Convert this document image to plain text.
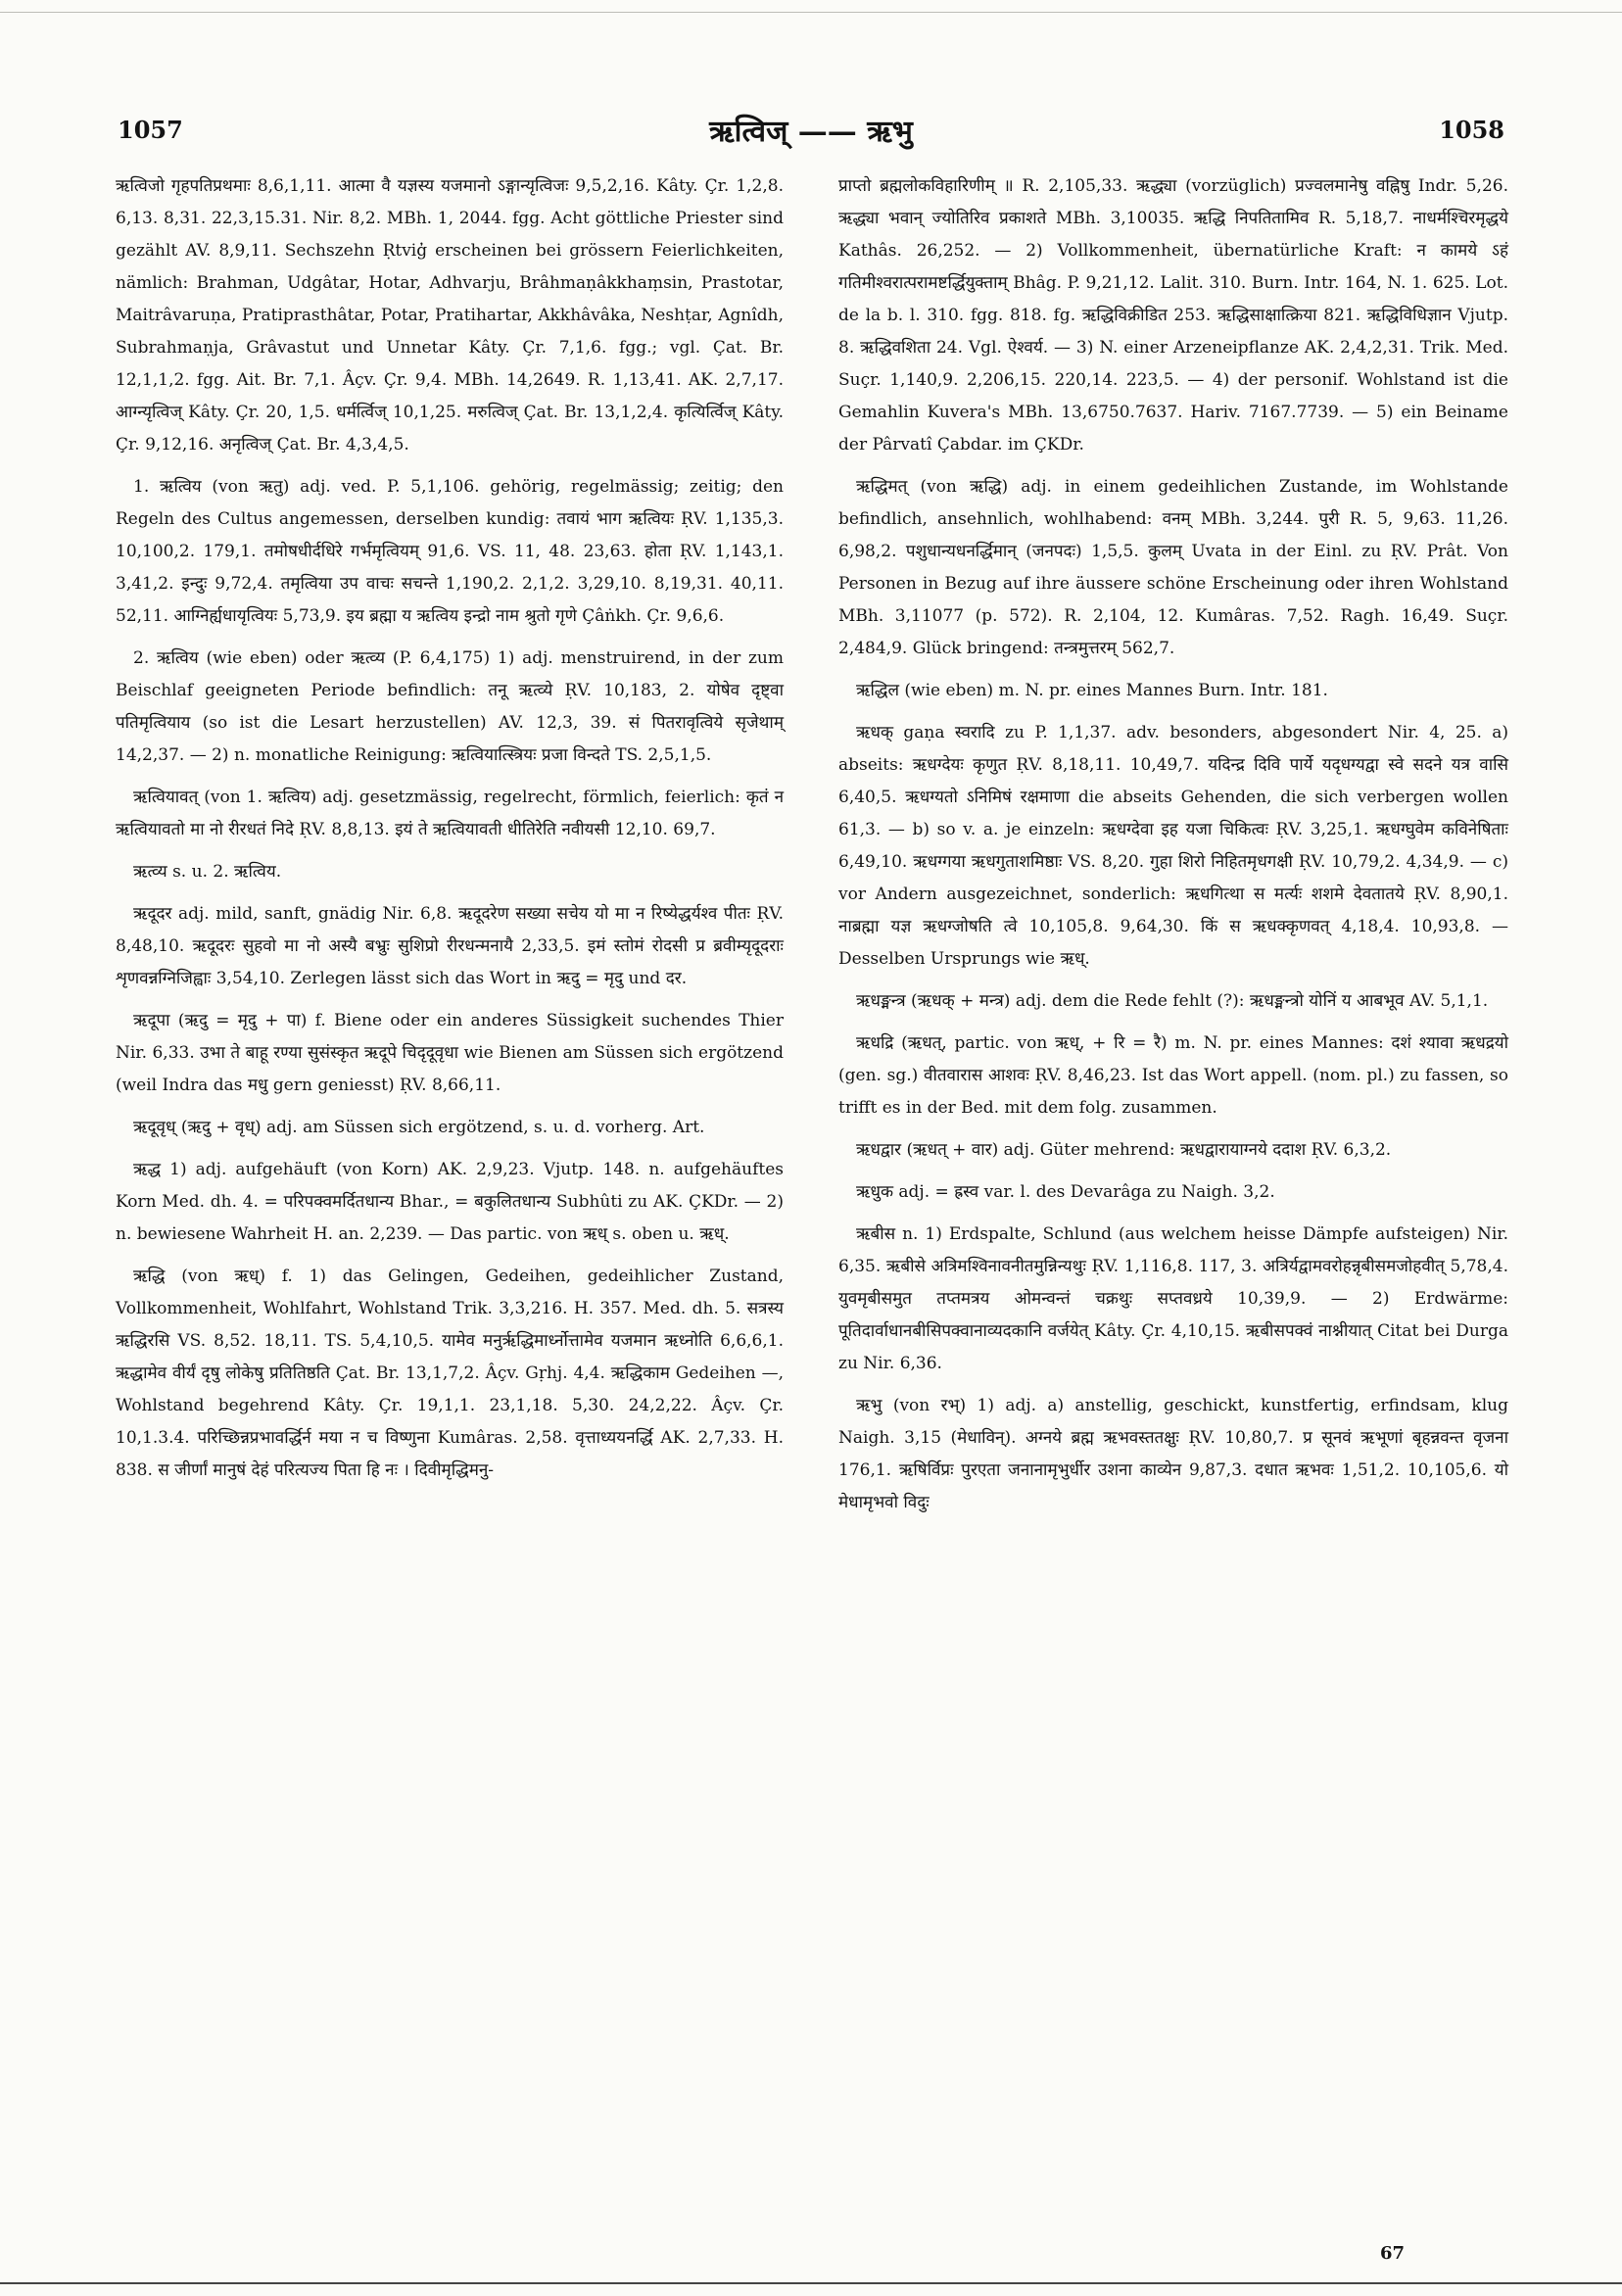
1057	ऋत्विज् —— ऋभु	1058

ऋत्विजो गृहपतिप्रथमाः 8,6,1,11. आत्मा वै यज्ञस्य यजमानो ऽङ्गान्यृत्विजः 9,5,2,16. Kâty. Çr. 1,2,8. 6,13. 8,31. 22,3,15.31. Nir. 8,2. MBh. 1, 2044. fgg. Acht göttliche Priester sind gezählt AV. 8,9,11. Sechszehn Ṛtvig̓ erscheinen bei grössern Feierlichkeiten, nämlich: Brahman, Udgâtar, Hotar, Adhvarju, Brâhmaṇâkkhaṃsin, Prastotar, Maitrâvaruṇa, Pratiprasthâtar, Potar, Pratihartar, Akkhâvâka, Neshṭar, Agnîdh, Subrahmaṇja, Grâvastut und Unnetar Kâty. Çr. 7,1,6. fgg.; vgl. Çat. Br. 12,1,1,2. fgg. Ait. Br. 7,1. Âçv. Çr. 9,4. MBh. 14,2649. R. 1,13,41. AK. 2,7,17. आग्न्यृत्विज् Kâty. Çr. 20, 1,5. धर्मर्त्विज् 10,1,25. मरुत्विज् Çat. Br. 13,1,2,4. कृत्यिर्त्विज् Kâty. Çr. 9,12,16. अनृत्विज् Çat. Br. 4,3,4,5.

1. ऋत्विय (von ऋतु) adj. ved. P. 5,1,106. gehörig, regelmässig; zeitig; den Regeln des Cultus angemessen, derselben kundig: तवायं भाग ऋत्वियः ṚV. 1,135,3. 10,100,2. 179,1. तमोषधीर्दधिरे गर्भमृत्वियम् 91,6. VS. 11, 48. 23,63. होता ṚV. 1,143,1. 3,41,2. इन्दुः 9,72,4. तमृत्विया उप वाचः सचन्ते 1,190,2. 2,1,2. 3,29,10. 8,19,31. 40,11. 52,11. आग्निर्ह्यधायृत्वियः 5,73,9. इय ब्रह्मा य ऋत्विय इन्द्रो नाम श्रुतो गृणे Çâṅkh. Çr. 9,6,6.

2. ऋत्विय (wie eben) oder ऋत्व्य (P. 6,4,175) 1) adj. menstruirend, in der zum Beischlaf geeigneten Periode befindlich: तनू ऋत्व्ये ṚV. 10,183, 2. योषेव दृष्ट्वा पतिमृत्वियाय (so ist die Lesart herzustellen) AV. 12,3, 39. सं पितरावृत्विये सृजेथाम् 14,2,37. — 2) n. monatliche Reinigung: ऋत्वियात्स्त्रियः प्रजा विन्दते TS. 2,5,1,5.

ऋत्वियावत् (von 1. ऋत्विय) adj. gesetzmässig, regelrecht, förmlich, feierlich: कृतं न ऋत्वियावतो मा नो रीरधतं निदे ṚV. 8,8,13. इयं ते ऋत्वियावती धीतिरेति नवीयसी 12,10. 69,7.

ऋत्व्य s. u. 2. ऋत्विय.

ऋदूदर adj. mild, sanft, gnädig Nir. 6,8. ऋदूदरेण सख्या सचेय यो मा न रिष्येद्धर्यश्व पीतः ṚV. 8,48,10. ऋदूदरः सुहवो मा नो अस्यै बभ्रुः सुशिप्रो रीरधन्मनायै 2,33,5. इमं स्तोमं रोदसी प्र ब्रवीम्यृदूदराः शृणवन्नग्निजिह्वाः 3,54,10. Zerlegen lässt sich das Wort in ऋदु = मृदु und दर.

ऋदूपा (ऋदु = मृदु + पा) f. Biene oder ein anderes Süssigkeit suchendes Thier Nir. 6,33. उभा ते बाहू रण्या सुसंस्कृत ऋदूपे चिदृदूवृधा wie Bienen am Süssen sich ergötzend (weil Indra das मधु gern geniesst) ṚV. 8,66,11.

ऋदूवृध् (ऋदु + वृध्) adj. am Süssen sich ergötzend, s. u. d. vorherg. Art.

ऋद्ध 1) adj. aufgehäuft (von Korn) AK. 2,9,23. Vjutp. 148. n. aufgehäuftes Korn Med. dh. 4. = परिपक्वमर्दितधान्य Bhar., = बकुलितधान्य Subhûti zu AK. ÇKDr. — 2) n. bewiesene Wahrheit H. an. 2,239. — Das partic. von ऋध् s. oben u. ऋध्.

ऋद्धि (von ऋध्) f. 1) das Gelingen, Gedeihen, gedeihlicher Zustand, Vollkommenheit, Wohlfahrt, Wohlstand Trik. 3,3,216. H. 357. Med. dh. 5. सत्रस्य ऋद्धिरसि VS. 8,52. 18,11. TS. 5,4,10,5. यामेव मनुर्ऋद्धिमार्ध्नोत्तामेव यजमान ऋध्नोति 6,6,6,1. ऋद्धामेव वीर्यं दृषु लोकेषु प्रतितिष्ठति Çat. Br. 13,1,7,2. Âçv. Gṛhj. 4,4. ऋद्धिकाम Gedeihen —, Wohlstand begehrend Kâty. Çr. 19,1,1. 23,1,18. 5,30. 24,2,22. Âçv. Çr. 10,1.3.4. परिच्छिन्नप्रभावर्द्धिर्न मया न च विष्णुना Kumâras. 2,58. वृत्ताध्ययनर्द्धि AK. 2,7,33. H. 838. स जीर्णां मानुषं देहं परित्यज्य पिता हि नः । दिवीमृद्धिमनु-

प्राप्तो ब्रह्मलोकविहारिणीम् ॥ R. 2,105,33. ऋद्ध्या (vorzüglich) प्रज्वलमानेषु वह्निषु Indr. 5,26. ऋद्ध्या भवान् ज्योतिरिव प्रकाशते MBh. 3,10035. ऋद्धि निपतितामिव R. 5,18,7. नाधर्मश्चिरमृद्धये Kathâs. 26,252. — 2) Vollkommenheit, übernatürliche Kraft: न कामये ऽहं गतिमीश्वरात्परामष्टर्द्धियुक्ताम् Bhâg. P. 9,21,12. Lalit. 310. Burn. Intr. 164, N. 1. 625. Lot. de la b. l. 310. fgg. 818. fg. ऋद्धिविक्रीडित 253. ऋद्धिसाक्षात्क्रिया 821. ऋद्धिविधिज्ञान Vjutp. 8. ऋद्धिवशिता 24. Vgl. ऐश्वर्य. — 3) N. einer Arzeneipflanze AK. 2,4,2,31. Trik. Med. Suçr. 1,140,9. 2,206,15. 220,14. 223,5. — 4) der personif. Wohlstand ist die Gemahlin Kuvera's MBh. 13,6750.7637. Hariv. 7167.7739. — 5) ein Beiname der Pârvatî Çabdar. im ÇKDr.

ऋद्धिमत् (von ऋद्धि) adj. in einem gedeihlichen Zustande, im Wohlstande befindlich, ansehnlich, wohlhabend: वनम् MBh. 3,244. पुरी R. 5, 9,63. 11,26. 6,98,2. पशुधान्यधनर्द्धिमान् (जनपदः) 1,5,5. कुलम् Uvata in der Einl. zu ṚV. Prât. Von Personen in Bezug auf ihre äussere schöne Erscheinung oder ihren Wohlstand MBh. 3,11077 (p. 572). R. 2,104, 12. Kumâras. 7,52. Ragh. 16,49. Suçr. 2,484,9. Glück bringend: तन्त्रमुत्तरम् 562,7.

ऋद्धिल (wie eben) m. N. pr. eines Mannes Burn. Intr. 181.

ऋधक् gaṇa स्वरादि zu P. 1,1,37. adv. besonders, abgesondert Nir. 4, 25. a) abseits: ऋधग्देयः कृणुत ṚV. 8,18,11. 10,49,7. यदिन्द्र दिवि पार्ये यदृधग्यद्वा स्वे सदने यत्र वासि 6,40,5. ऋधग्यतो ऽनिमिषं रक्षमाणा die abseits Gehenden, die sich verbergen wollen 61,3. — b) so v. a. je einzeln: ऋधग्देवा इह यजा चिकित्वः ṚV. 3,25,1. ऋधग्घुवेम कविनेषिताः 6,49,10. ऋधग्गया ऋधगुताशमिष्ठाः VS. 8,20. गुहा शिरो निहितमृधगक्षी ṚV. 10,79,2. 4,34,9. — c) vor Andern ausgezeichnet, sonderlich: ऋधगित्था स मर्त्यः शशमे देवतातये ṚV. 8,90,1. नाब्रह्मा यज्ञ ऋधग्जोषति त्वे 10,105,8. 9,64,30. किं स ऋधक्कृणवत् 4,18,4. 10,93,8. — Desselben Ursprungs wie ऋध्.

ऋधङ्मन्त्र (ऋधक् + मन्त्र) adj. dem die Rede fehlt (?): ऋधङ्मन्त्रो योनिं य आबभूव AV. 5,1,1.

ऋधद्रि (ऋधत्, partic. von ऋध्, + रि = रै) m. N. pr. eines Mannes: दशं श्यावा ऋधद्रयो (gen. sg.) वीतवारास आशवः ṚV. 8,46,23. Ist das Wort appell. (nom. pl.) zu fassen, so trifft es in der Bed. mit dem folg. zusammen.

ऋधद्वार (ऋधत् + वार) adj. Güter mehrend: ऋधद्वारायाग्नये ददाश ṚV. 6,3,2.

ऋधुक adj. = ह्रस्व var. l. des Devarâga zu Naigh. 3,2.

ऋबीस n. 1) Erdspalte, Schlund (aus welchem heisse Dämpfe aufsteigen) Nir. 6,35. ऋबीसे अत्रिमश्विनावनीतमुन्निन्यथुः ṚV. 1,116,8. 117, 3. अत्रिर्यद्वामवरोहन्नृबीसमजोहवीत् 5,78,4. युवमृबीसमुत तप्तमत्रय ओमन्वन्तं चक्रथुः सप्तवध्रये 10,39,9. — 2) Erdwärme: पूतिदार्वाधानबीसिपक्वानाव्यदकानि वर्जयेत् Kâty. Çr. 4,10,15. ऋबीसपक्वं नाश्नीयात् Citat bei Durga zu Nir. 6,36.

ऋभु (von रभ्) 1) adj. a) anstellig, geschickt, kunstfertig, erfindsam, klug Naigh. 3,15 (मेधाविन्). अग्नये ब्रह्म ऋभवस्ततक्षुः ṚV. 10,80,7. प्र सूनवं ऋभूणां बृहन्नवन्त वृजना 176,1. ऋषिर्विप्रः पुरएता जनानामृभुर्धीर उशना काव्येन 9,87,3. दधात ऋभवः 1,51,2. 10,105,6. यो मेधामृभवो विदुः

67
